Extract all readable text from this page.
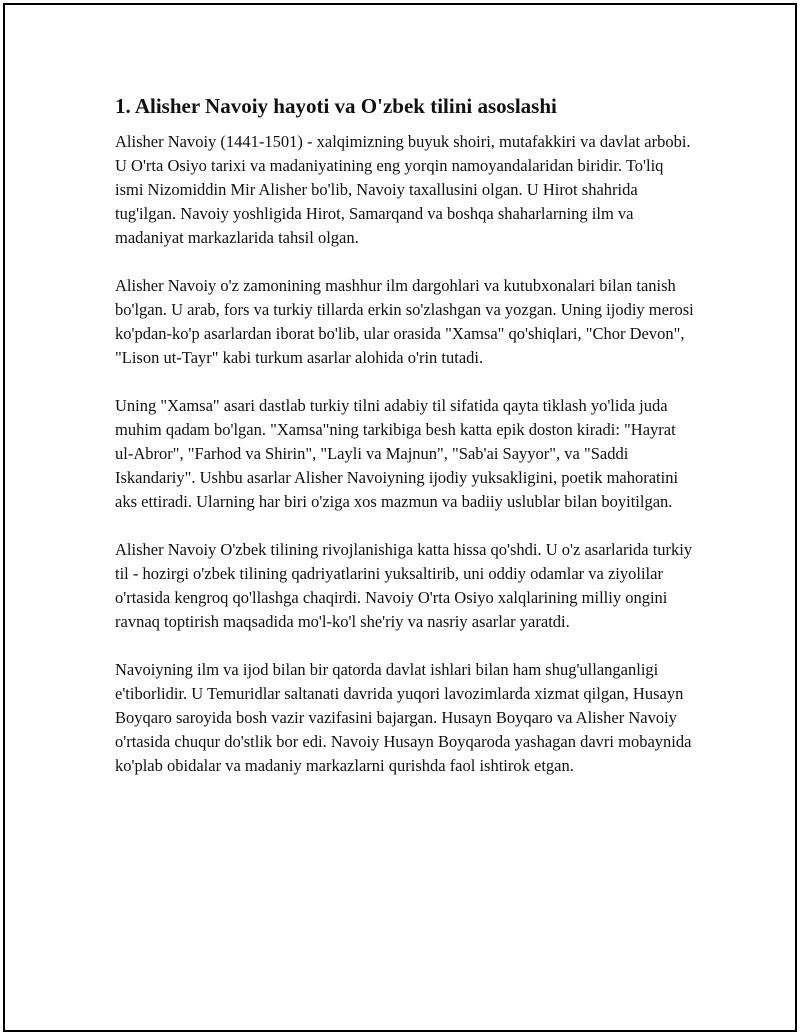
1. Alisher Navoiy hayoti va O'zbek tilini asoslashi

Alisher Navoiy (1441-1501) - xalqimizning buyuk shoiri, mutafakkiri va davlat arbobi. U O'rta Osiyo tarixi va madaniyatining eng yorqin namoyandalaridan biridir. To'liq ismi Nizomiddin Mir Alisher bo'lib, Navoiy taxallusini olgan. U Hirot shahrida tug'ilgan. Navoiy yoshligida Hirot, Samarqand va boshqa shaharlarning ilm va madaniyat markazlarida tahsil olgan.

Alisher Navoiy o'z zamonining mashhur ilm dargohlari va kutubxonalari bilan tanish bo'lgan. U arab, fors va turkiy tillarda erkin so'zlashgan va yozgan. Uning ijodiy merosi ko'pdan-ko'p asarlardan iborat bo'lib, ular orasida "Xamsa" qo'shiqlari, "Chor Devon", "Lison ut-Tayr" kabi turkum asarlar alohida o'rin tutadi.

Uning "Xamsa" asari dastlab turkiy tilni adabiy til sifatida qayta tiklash yo'lida juda muhim qadam bo'lgan. "Xamsa"ning tarkibiga besh katta epik doston kiradi: "Hayrat ul-Abror", "Farhod va Shirin", "Layli va Majnun", "Sab'ai Sayyor", va "Saddi Iskandariy". Ushbu asarlar Alisher Navoiyning ijodiy yuksakligini, poetik mahoratini aks ettiradi. Ularning har biri o'ziga xos mazmun va badiiy uslublar bilan boyitilgan.

Alisher Navoiy O'zbek tilining rivojlanishiga katta hissa qo'shdi. U o'z asarlarida turkiy til - hozirgi o'zbek tilining qadriyatlarini yuksaltirib, uni oddiy odamlar va ziyolilar o'rtasida kengroq qo'llashga chaqirdi. Navoiy O'rta Osiyo xalqlarining milliy ongini ravnaq toptirish maqsadida mo'l-ko'l she'riy va nasriy asarlar yaratdi.

Navoiyning ilm va ijod bilan bir qatorda davlat ishlari bilan ham shug'ullanganligi e'tiborlidir. U Temuridlar saltanati davrida yuqori lavozimlarda xizmat qilgan, Husayn Boyqaro saroyida bosh vazir vazifasini bajargan. Husayn Boyqaro va Alisher Navoiy o'rtasida chuqur do'stlik bor edi. Navoiy Husayn Boyqaroda yashagan davri mobaynida ko'plab obidalar va madaniy markazlarni qurishda faol ishtirok etgan.
